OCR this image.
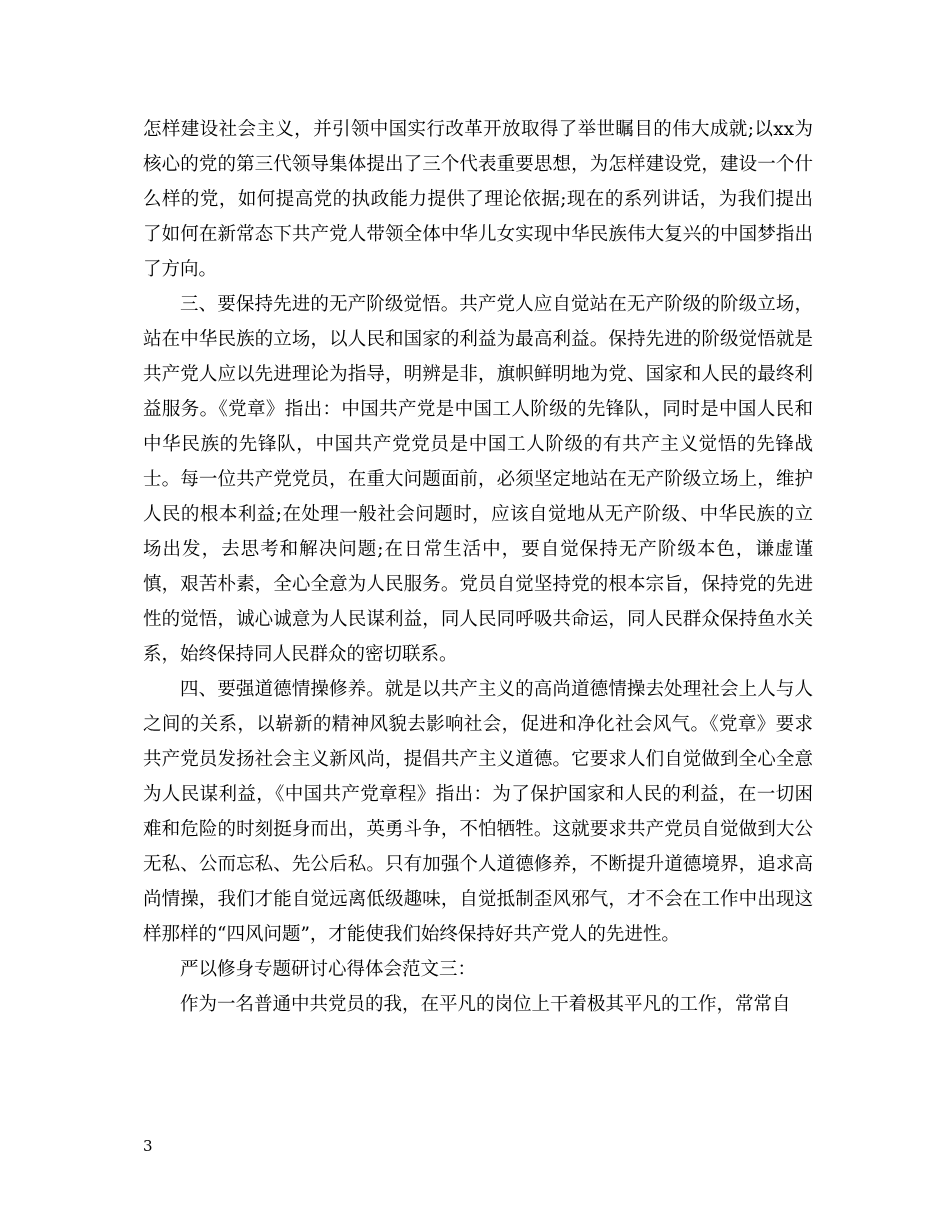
怎样建设社会主义，并引领中国实行改革开放取得了举世瞩目的伟大成就;以xx为核心的党的第三代领导集体提出了三个代表重要思想，为怎样建设党，建设一个什么样的党，如何提高党的执政能力提供了理论依据;现在的系列讲话，为我们提出了如何在新常态下共产党人带领全体中华儿女实现中华民族伟大复兴的中国梦指出了方向。

三、要保持先进的无产阶级觉悟。共产党人应自觉站在无产阶级的阶级立场，站在中华民族的立场，以人民和国家的利益为最高利益。保持先进的阶级觉悟就是共产党人应以先进理论为指导，明辨是非，旗帜鲜明地为党、国家和人民的最终利益服务。《党章》指出：中国共产党是中国工人阶级的先锋队，同时是中国人民和中华民族的先锋队，中国共产党党员是中国工人阶级的有共产主义觉悟的先锋战士。每一位共产党党员，在重大问题面前，必须坚定地站在无产阶级立场上，维护人民的根本利益;在处理一般社会问题时，应该自觉地从无产阶级、中华民族的立场出发，去思考和解决问题;在日常生活中，要自觉保持无产阶级本色，谦虚谨慎，艰苦朴素，全心全意为人民服务。党员自觉坚持党的根本宗旨，保持党的先进性的觉悟，诚心诚意为人民谋利益，同人民同呼吸共命运，同人民群众保持鱼水关系，始终保持同人民群众的密切联系。

四、要强道德情操修养。就是以共产主义的高尚道德情操去处理社会上人与人之间的关系，以崭新的精神风貌去影响社会，促进和净化社会风气。《党章》要求共产党员发扬社会主义新风尚，提倡共产主义道德。它要求人们自觉做到全心全意为人民谋利益，《中国共产党章程》指出：为了保护国家和人民的利益，在一切困难和危险的时刻挺身而出，英勇斗争，不怕牺牲。这就要求共产党员自觉做到大公无私、公而忘私、先公后私。只有加强个人道德修养，不断提升道德境界，追求高尚情操，我们才能自觉远离低级趣味，自觉抵制歪风邪气，才不会在工作中出现这样那样的“四风问题”，才能使我们始终保持好共产党人的先进性。

严以修身专题研讨心得体会范文三：

作为一名普通中共党员的我，在平凡的岗位上干着极其平凡的工作，常常自

3
